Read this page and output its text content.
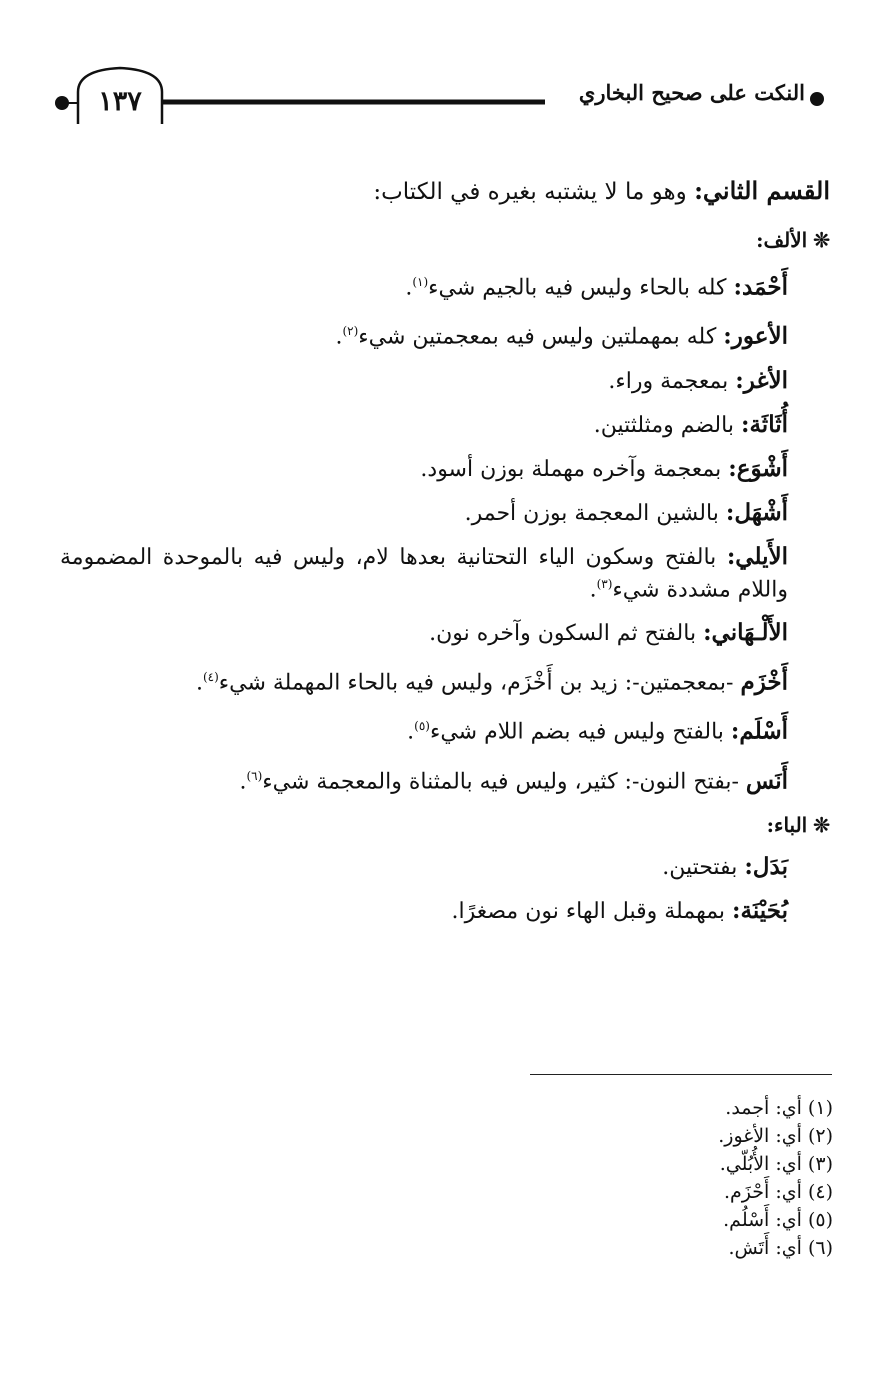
١٣٧	النكت على صحيح البخاري

القسم الثاني: وهو ما لا يشتبه بغيره في الكتاب:

❊الألف:

أَحْمَد: كله بالحاء وليس فيه بالجيم شيء$^{(١)}$.

الأعور: كله بمهملتين وليس فيه بمعجمتين شيء$^{(٢)}$.

الأغر: بمعجمة وراء.

أُثَاثَة: بالضم ومثلثتين.

أَشْوَع: بمعجمة وآخره مهملة بوزن أسود.

أَشْهَل: بالشين المعجمة بوزن أحمر.

الأَيلي: بالفتح وسكون الياء التحتانية بعدها لام، وليس فيه بالموحدة المضمومة واللام مشددة شيء$^{(٣)}$.

الأَلْـهَاني: بالفتح ثم السكون وآخره نون.

أَخْزَم -بمعجمتين-: زيد بن أَخْزَم، وليس فيه بالحاء المهملة شيء$^{(٤)}$.

أَسْلَم: بالفتح وليس فيه بضم اللام شيء$^{(٥)}$.

أَنَس -بفتح النون-: كثير، وليس فيه بالمثناة والمعجمة شيء$^{(٦)}$.

❊الباء:

بَدَل: بفتحتين.

بُحَيْنَة: بمهملة وقبل الهاء نون مصغرًا.

(١) أي: أجمد.
(٢) أي: الأغوز.
(٣) أي: الأُبُلّي.
(٤) أي: أَحْزَم.
(٥) أي: أَسْلُم.
(٦) أي: أَتَش.
